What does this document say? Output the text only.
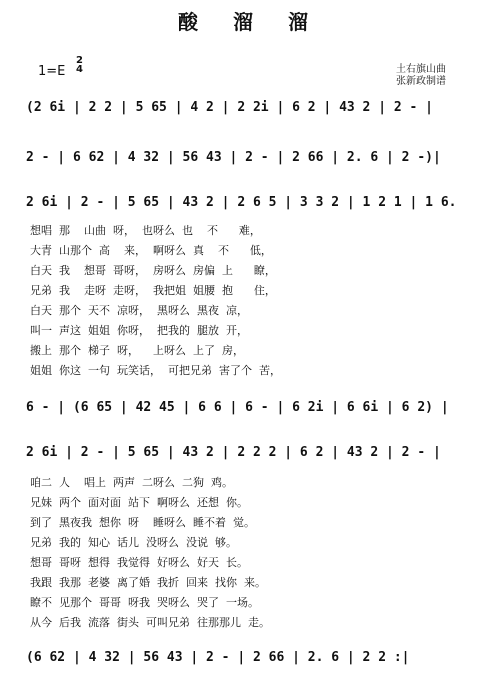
酸 溜 溜
1=E
2
4	土右旗山曲
张新政制谱
(2 6i | 2 2 | 5 65 | 4 2 | 2 2i | 6 2 | 43 2 | 2 - |
2 - | 6 62 | 4 32 | 56 43 | 2 - | 2 66 | 2. 6 | 2 -)|
2 6i | 2 - | 5 65 | 43 2 | 2 6 5 | 3 3 2 | 1 2 1 | 1 6.
想唱  那    山曲  呀，  也呀么  也    不      难，
大青  山那个  高    来，  啊呀么  真    不      低，
白天  我    想哥  哥呀，  房呀么  房偏  上      瞭，
兄弟  我    走呀  走呀，  我把姐  姐腰  抱      住，
白天  那个  天不  凉呀，  黑呀么  黑夜  凉，
叫一  声这  姐姐  你呀，  把我的  腿放  开，
搬上  那个  梯子  呀，    上呀么  上了  房，
姐姐  你这  一句  玩笑话，  可把兄弟  害了个  苦，
6 - | (6 65 | 42 45 | 6 6 | 6 - | 6 2i | 6 6i | 6 2) |
2 6i | 2 - | 5 65 | 43 2 | 2 2 2 | 6 2 | 43 2 | 2 - |
咱二  人    唱上  两声  二呀么  二狗  鸡。
兄妹  两个  面对面  站下  啊呀么  还想  你。
到了  黑夜我  想你  呀    睡呀么  睡不着  觉。
兄弟  我的  知心  话儿  没呀么  没说  够。
想哥  哥呀  想得  我觉得  好呀么  好天  长。
我跟  我那  老婆  离了婚  我折  回来  找你  来。
瞭不  见那个  哥哥  呀我  哭呀么  哭了  一场。
从今  后我  流落  街头  可叫兄弟  往那那儿  走。
(6 62 | 4 32 | 56 43 | 2 - | 2 66 | 2. 6 | 2 2 :|
